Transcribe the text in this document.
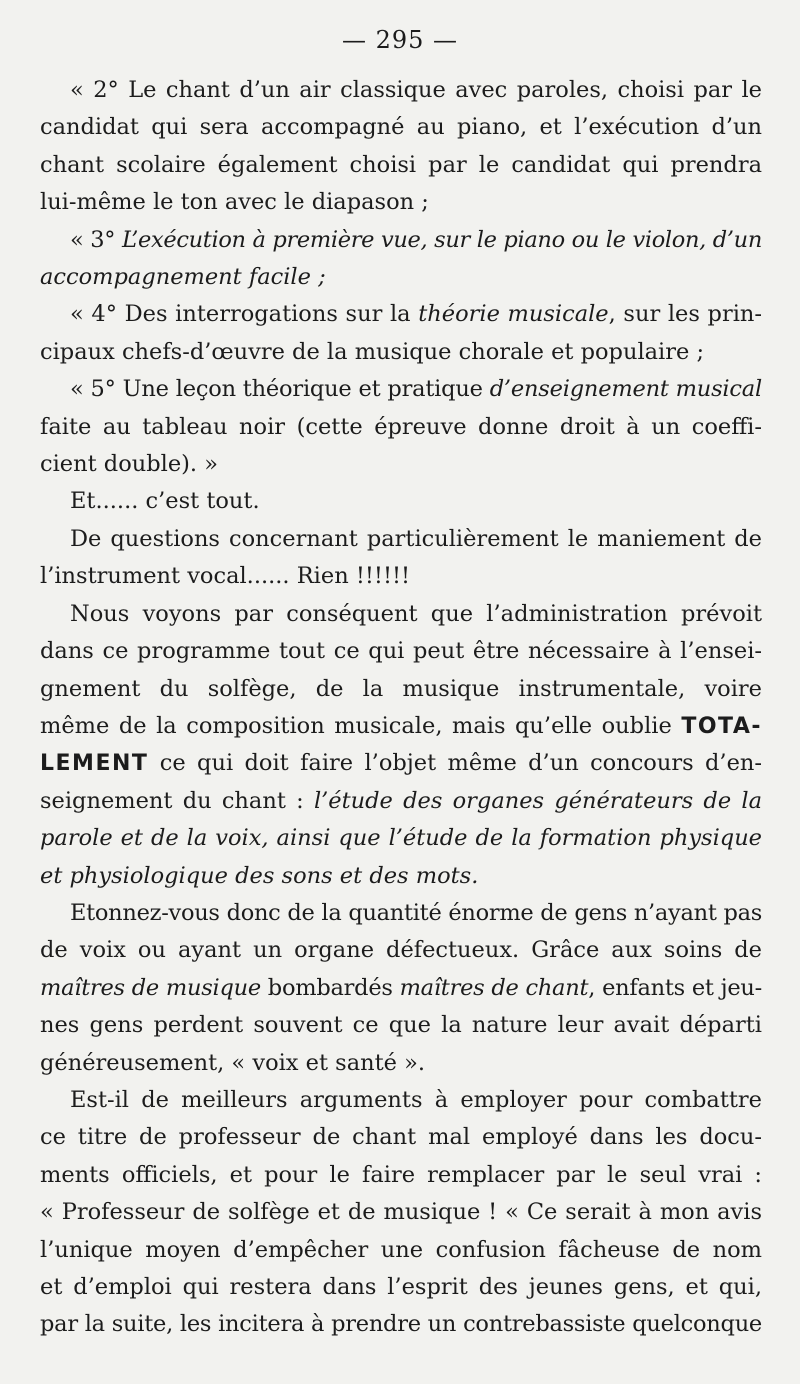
— 295 —
« 2° Le chant d’un air classique avec paroles, choisi par le
candidat qui sera accompagné au piano, et l’exécution d’un
chant scolaire également choisi par le candidat qui prendra
lui-même le ton avec le diapason ;
« 3° L’exécution à première vue, sur le piano ou le violon, d’un
accompagnement facile ;
« 4° Des interrogations sur la théorie musicale, sur les prin-
cipaux chefs-d’œuvre de la musique chorale et populaire ;
« 5° Une leçon théorique et pratique d’enseignement musical
faite au tableau noir (cette épreuve donne droit à un coeffi-
cient double). »
Et...... c’est tout.
De questions concernant particulièrement le maniement de
l’instrument vocal...... Rien !!!!!!
Nous voyons par conséquent que l’administration prévoit
dans ce programme tout ce qui peut être nécessaire à l’ensei-
gnement du solfège, de la musique instrumentale, voire
même de la composition musicale, mais qu’elle oublie TOTA-
LEMENT ce qui doit faire l’objet même d’un concours d’en-
seignement du chant : l’étude des organes générateurs de la
parole et de la voix, ainsi que l’étude de la formation physique
et physiologique des sons et des mots.
Etonnez-vous donc de la quantité énorme de gens n’ayant pas
de voix ou ayant un organe défectueux. Grâce aux soins de
maîtres de musique bombardés maîtres de chant, enfants et jeu-
nes gens perdent souvent ce que la nature leur avait départi
généreusement, « voix et santé ».
Est-il de meilleurs arguments à employer pour combattre
ce titre de professeur de chant mal employé dans les docu-
ments officiels, et pour le faire remplacer par le seul vrai :
« Professeur de solfège et de musique ! « Ce serait à mon avis
l’unique moyen d’empêcher une confusion fâcheuse de nom
et d’emploi qui restera dans l’esprit des jeunes gens, et qui,
par la suite, les incitera à prendre un contrebassiste quelconque
